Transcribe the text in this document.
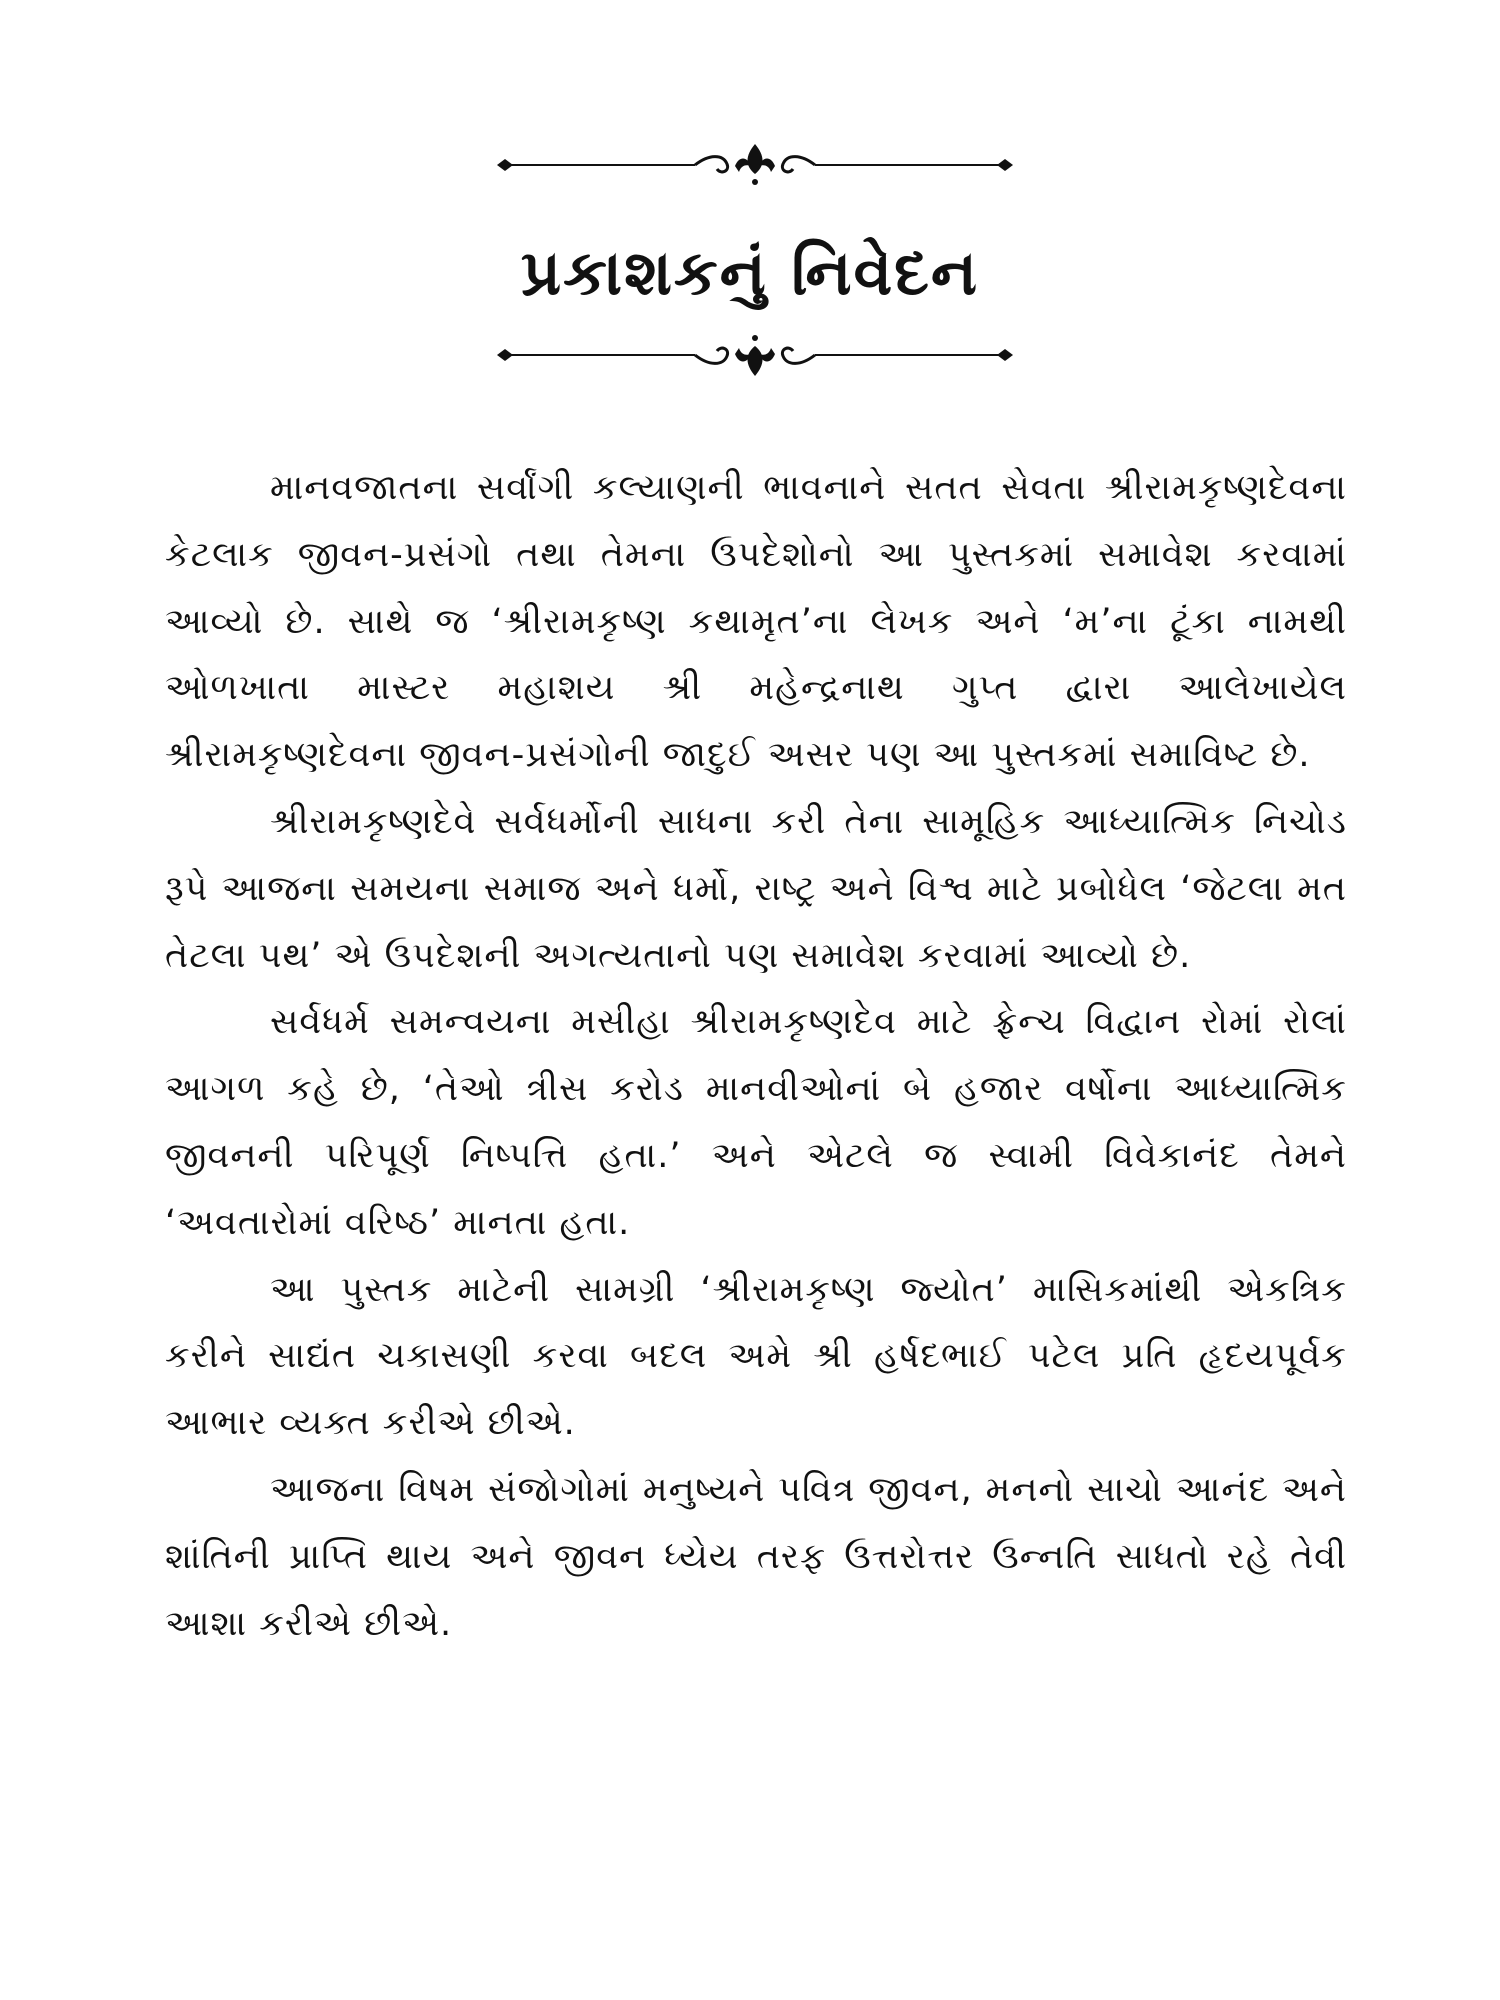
પ્રકાશકનું નિવેદન

માનવજાતના સર્વાંગી કલ્યાણની ભાવનાને સતત સેવતા શ્રીરામકૃષ્ણદેવના કેટલાક જીવન-પ્રસંગો તથા તેમના ઉપદેશોનો આ પુસ્તકમાં સમાવેશ કરવામાં આવ્યો છે. સાથે જ ‘શ્રીરામકૃષ્ણ કથામૃત’ના લેખક અને ‘મ’ના ટૂંકા નામથી ઓળખાતા માસ્ટર મહાશય શ્રી મહેન્દ્રનાથ ગુપ્ત દ્વારા આલેખાયેલ શ્રીરામકૃષ્ણદેવના જીવન-પ્રસંગોની જાદુઈ અસર પણ આ પુસ્તકમાં સમાવિષ્ટ છે.

શ્રીરામકૃષ્ણદેવે સર્વધર્મોની સાધના કરી તેના સામૂહિક આધ્યાત્મિક નિચોડ રૂપે આજના સમયના સમાજ અને ધર્મો, રાષ્ટ્ર અને વિશ્વ માટે પ્રબોધેલ ‘જેટલા મત તેટલા પથ’ એ ઉપદેશની અગત્યતાનો પણ સમાવેશ કરવામાં આવ્યો છે.

સર્વધર્મ સમન્વયના મસીહા શ્રીરામકૃષ્ણદેવ માટે ફ્રેન્ચ વિદ્વાન રોમાં રોલાં આગળ કહે છે, ‘તેઓ ત્રીસ કરોડ માનવીઓનાં બે હજાર વર્ષોના આધ્યાત્મિક જીવનની પરિપૂર્ણ નિષ્પત્તિ હતા.’ અને એટલે જ સ્વામી વિવેકાનંદ તેમને ‘અવતારોમાં વરિષ્ઠ’ માનતા હતા.

આ પુસ્તક માટેની સામગ્રી ‘શ્રીરામકૃષ્ણ જ્યોત’ માસિકમાંથી એકત્રિક કરીને સાદ્યંત ચકાસણી કરવા બદલ અમે શ્રી હર્ષદભાઈ પટેલ પ્રતિ હૃદયપૂર્વક આભાર વ્યક્ત કરીએ છીએ.

આજના વિષમ સંજોગોમાં મનુષ્યને પવિત્ર જીવન, મનનો સાચો આનંદ અને શાંતિની પ્રાપ્તિ થાય અને જીવન ધ્યેય તરફ ઉત્તરોત્તર ઉન્નતિ સાધતો રહે તેવી આશા કરીએ છીએ.
